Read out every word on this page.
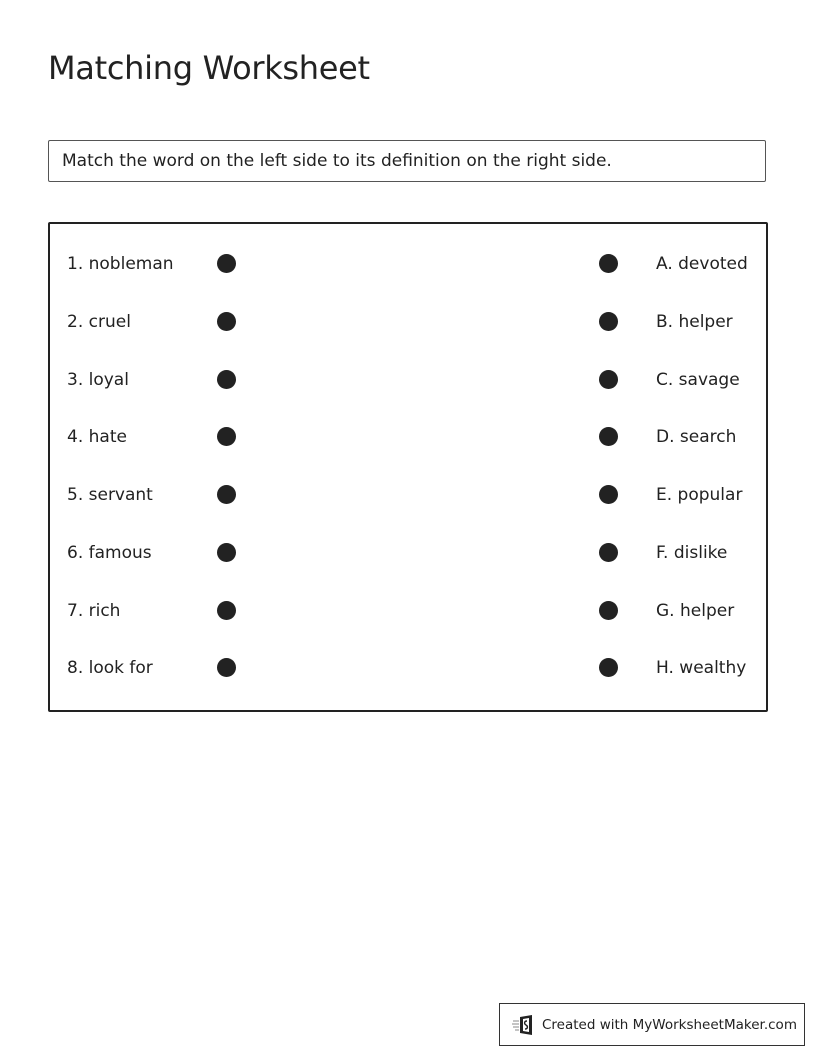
Matching Worksheet
Match the word on the left side to its definition on the right side.
1. nobleman	A. devoted
2. cruel	B. helper
3. loyal	C. savage
4. hate	D. search
5. servant	E. popular
6. famous	F. dislike
7. rich	G. helper
8. look for	H. wealthy
Created with MyWorksheetMaker.com
